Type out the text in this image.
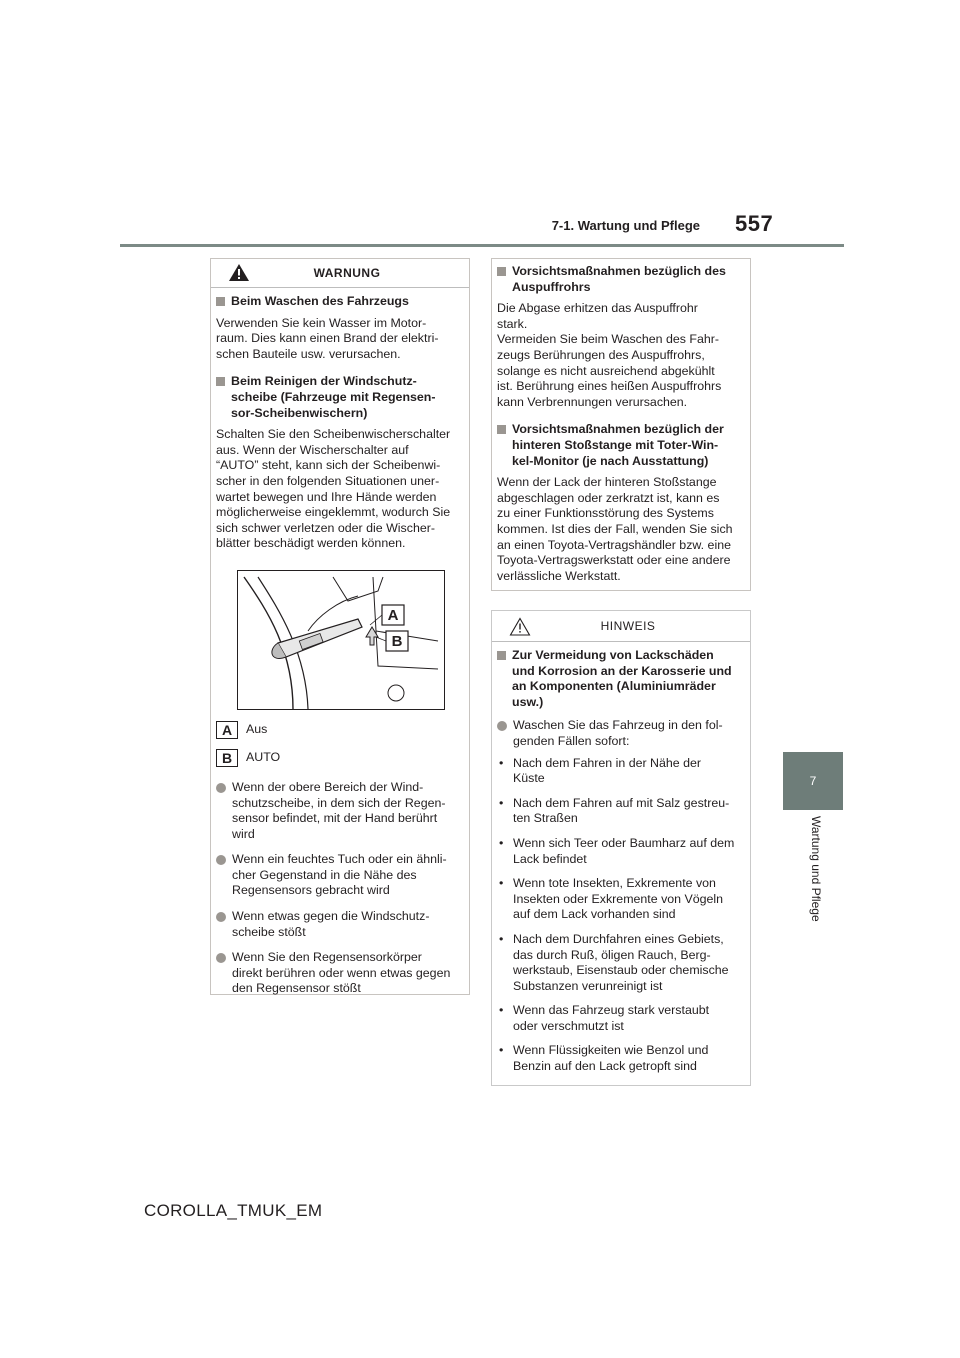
7-1. Wartung und Pflege 557
7
Wartung und Pflege
WARNUNG
Beim Waschen des Fahrzeugs
Verwenden Sie kein Wasser im Motor-
raum. Dies kann einen Brand der elektri-
schen Bauteile usw. verursachen.
Beim Reinigen der Windschutz-
scheibe (Fahrzeuge mit Regensen-
sor-Scheibenwischern)
Schalten Sie den Scheibenwischerschalter
aus. Wenn der Wischerschalter auf
“AUTO” steht, kann sich der Scheibenwi-
scher in den folgenden Situationen uner-
wartet bewegen und Ihre Hände werden
möglicherweise eingeklemmt, wodurch Sie
sich schwer verletzen oder die Wischer-
blätter beschädigt werden können.
A
B
A	Aus
B	AUTO
Wenn der obere Bereich der Wind-
schutzscheibe, in dem sich der Regen-
sensor befindet, mit der Hand berührt
wird
Wenn ein feuchtes Tuch oder ein ähnli-
cher Gegenstand in die Nähe des
Regensensors gebracht wird
Wenn etwas gegen die Windschutz-
scheibe stößt
Wenn Sie den Regensensorkörper
direkt berühren oder wenn etwas gegen
den Regensensor stößt
Vorsichtsmaßnahmen bezüglich des
Auspuffrohrs
Die Abgase erhitzen das Auspuffrohr
stark.
Vermeiden Sie beim Waschen des Fahr-
zeugs Berührungen des Auspuffrohrs,
solange es nicht ausreichend abgekühlt
ist. Berührung eines heißen Auspuffrohrs
kann Verbrennungen verursachen.
Vorsichtsmaßnahmen bezüglich der
hinteren Stoßstange mit Toter-Win-
kel-Monitor (je nach Ausstattung)
Wenn der Lack der hinteren Stoßstange
abgeschlagen oder zerkratzt ist, kann es
zu einer Funktionsstörung des Systems
kommen. Ist dies der Fall, wenden Sie sich
an einen Toyota-Vertragshändler bzw. eine
Toyota-Vertragswerkstatt oder eine andere
verlässliche Werkstatt.
HINWEIS
Zur Vermeidung von Lackschäden
und Korrosion an der Karosserie und
an Komponenten (Aluminiumräder
usw.)
Waschen Sie das Fahrzeug in den fol-
genden Fällen sofort:
• Nach dem Fahren in der Nähe der
Küste
• Nach dem Fahren auf mit Salz gestreu-
ten Straßen
• Wenn sich Teer oder Baumharz auf dem
Lack befindet
• Wenn tote Insekten, Exkremente von
Insekten oder Exkremente von Vögeln
auf dem Lack vorhanden sind
• Nach dem Durchfahren eines Gebiets,
das durch Ruß, öligen Rauch, Berg-
werkstaub, Eisenstaub oder chemische
Substanzen verunreinigt ist
• Wenn das Fahrzeug stark verstaubt
oder verschmutzt ist
• Wenn Flüssigkeiten wie Benzol und
Benzin auf den Lack getropft sind
COROLLA_TMUK_EM
